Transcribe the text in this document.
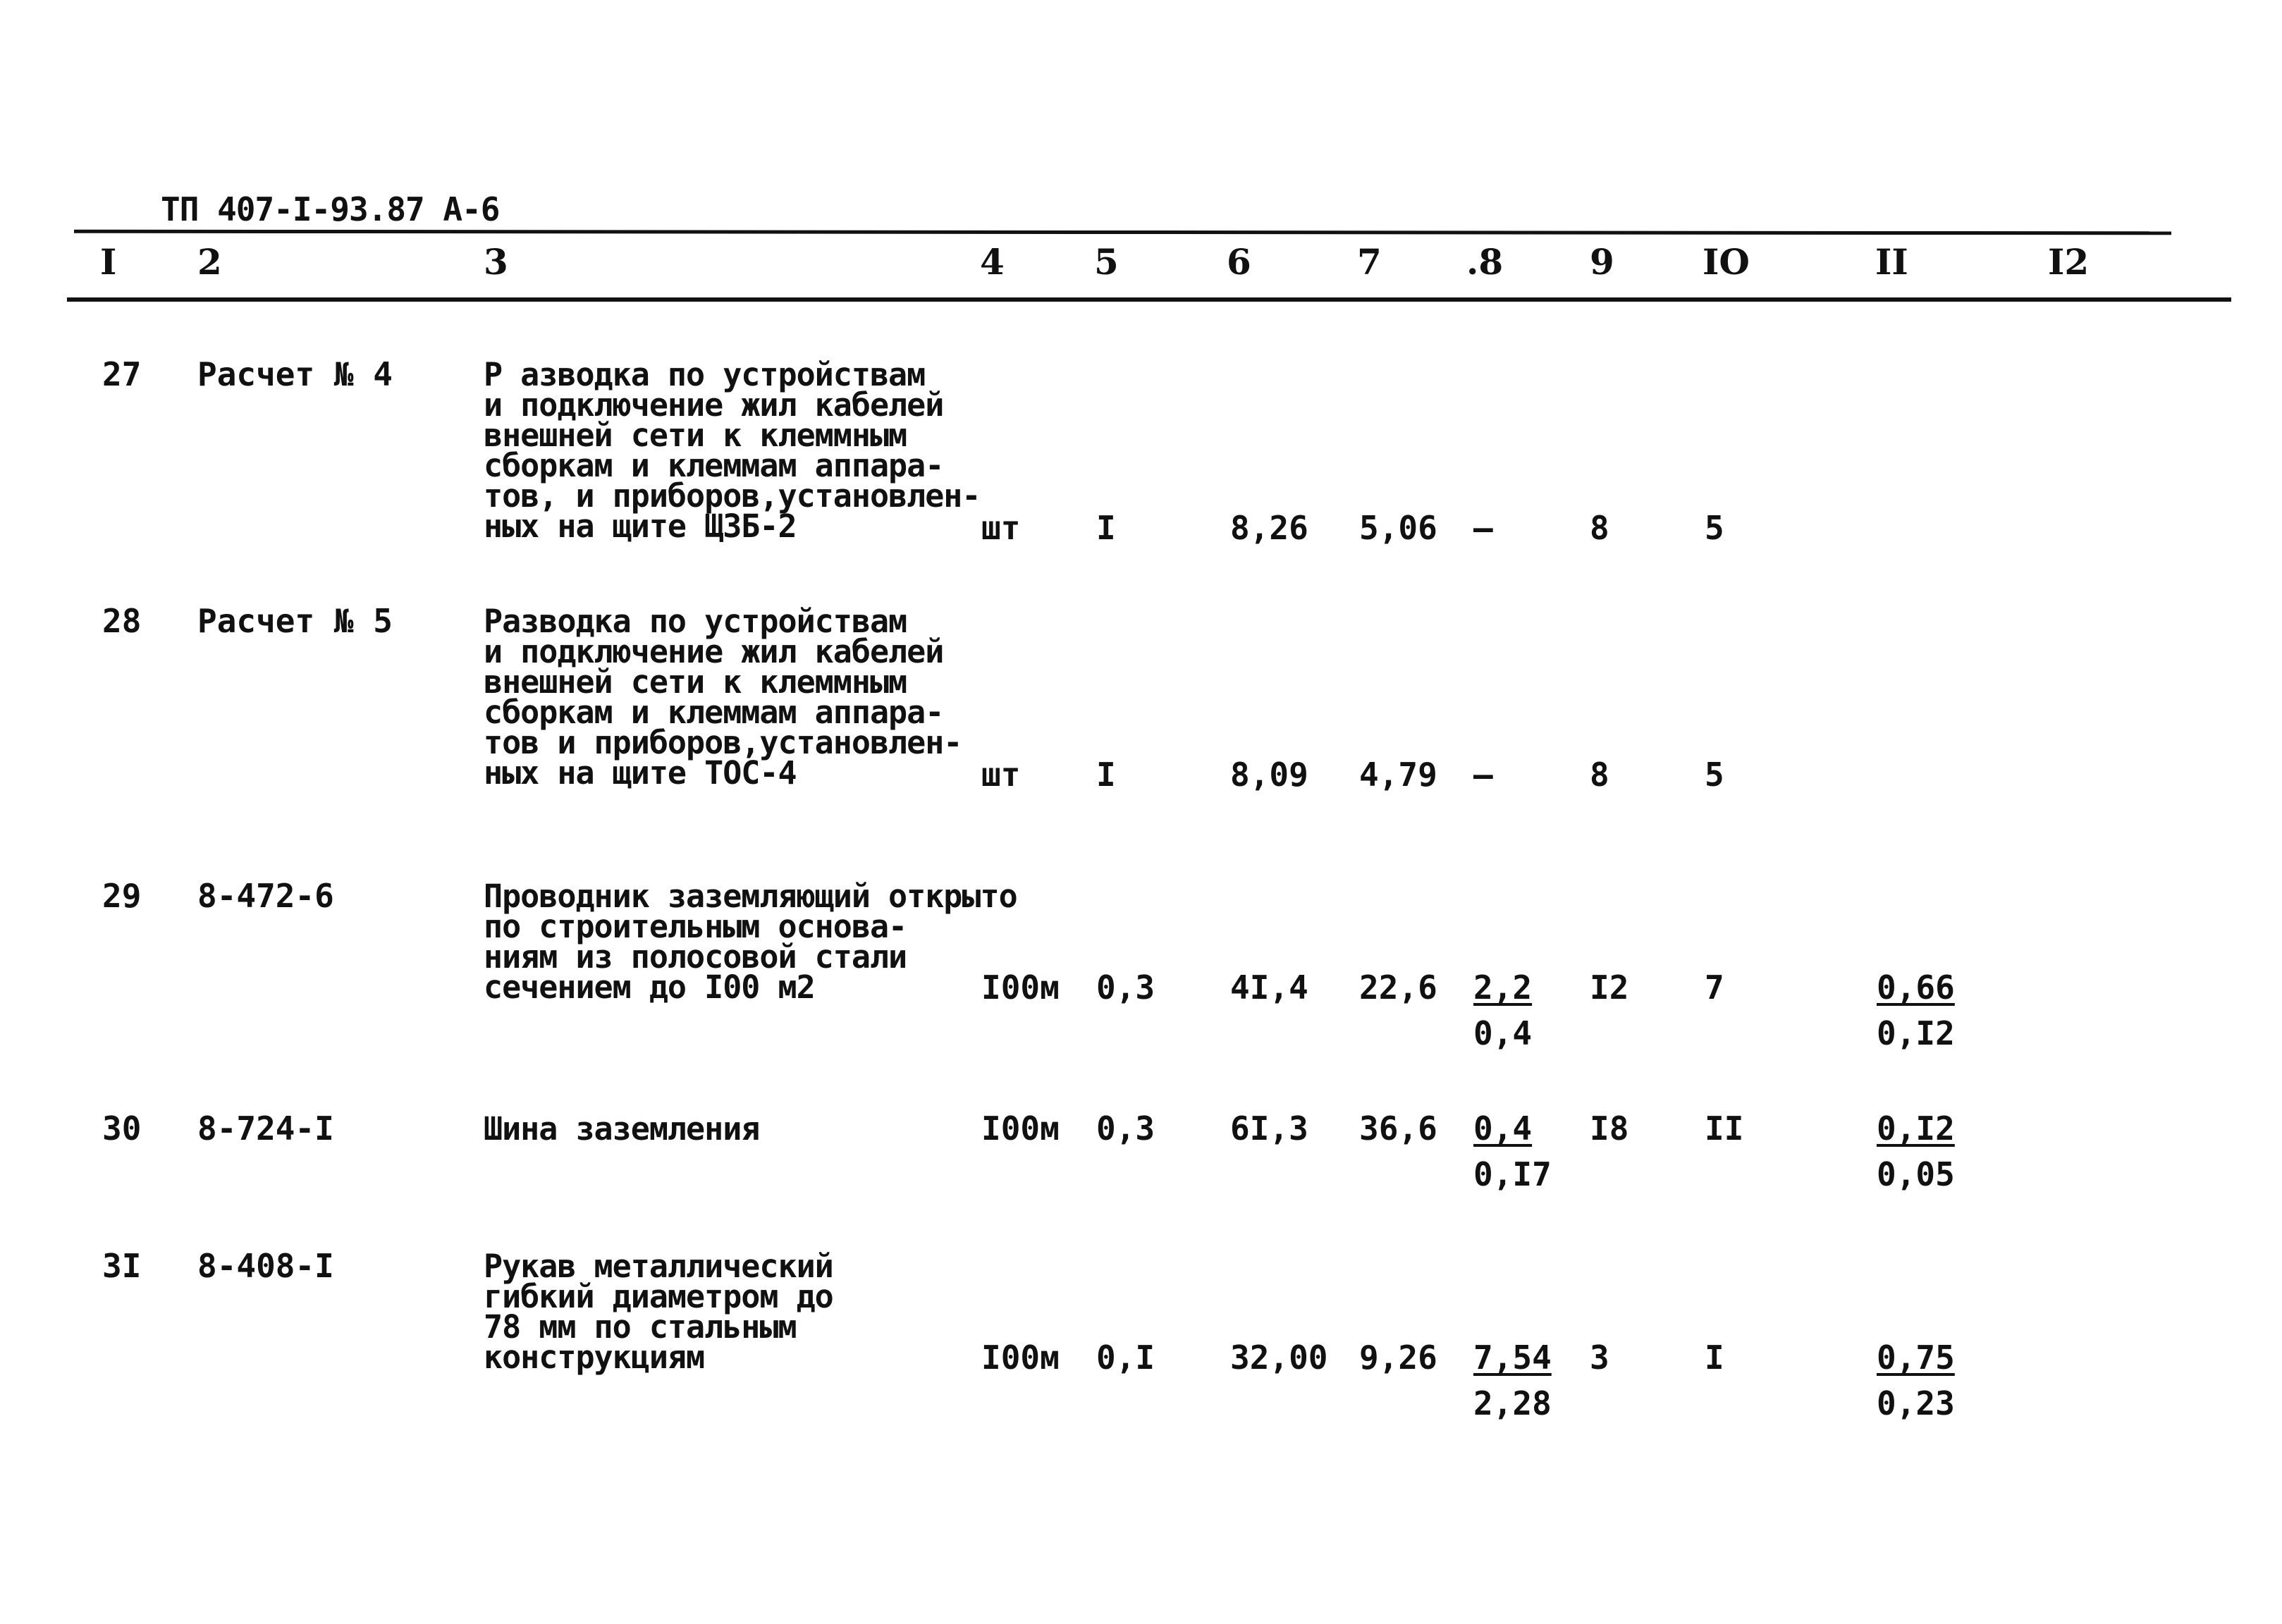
ТП 407-I-93.87 А-6
I 2	3	4	5	6	7 .8 9	IO	II	I2
27 Расчет № 4	Р азводка по устройствам
и подключение жил кабелей
внешней сети к клеммным
сборкам и клеммам аппара-
тов, и приборов,установлен-
ных на щите ЩЗБ-2	шт I	8,26 5,06 –	8	5
28 Расчет № 5	Разводка по устройствам
и подключение жил кабелей
внешней сети к клеммным
сборкам и клеммам аппара-
тов и приборов,установлен-
ных на щите ТОС-4	шт I	8,09 4,79 –	8	5
29 8-472-6	Проводник заземляющий открыто
по строительным основа-
ниям из полосовой стали
сечением до I00 м2	I00м 0,3 4I,4 $22,6 \frac{2,2}{0,4} I2$ 7	$\frac{0,66}{0,I2}$
30 8-724-I	Шина заземления	I00м 0,3 6I,3 $36,6 \frac{0,4}{0,I7} I8$ II	$\frac{0,I2}{0,05}$
3I 8-408-I	Рукав металлический
гибкий диаметром до
78 мм по стальным
конструкциям	I00м 0,I 32,00 $9,26 \frac{7,54}{2,28} 3$	I	$\frac{0,75}{0,23}$
